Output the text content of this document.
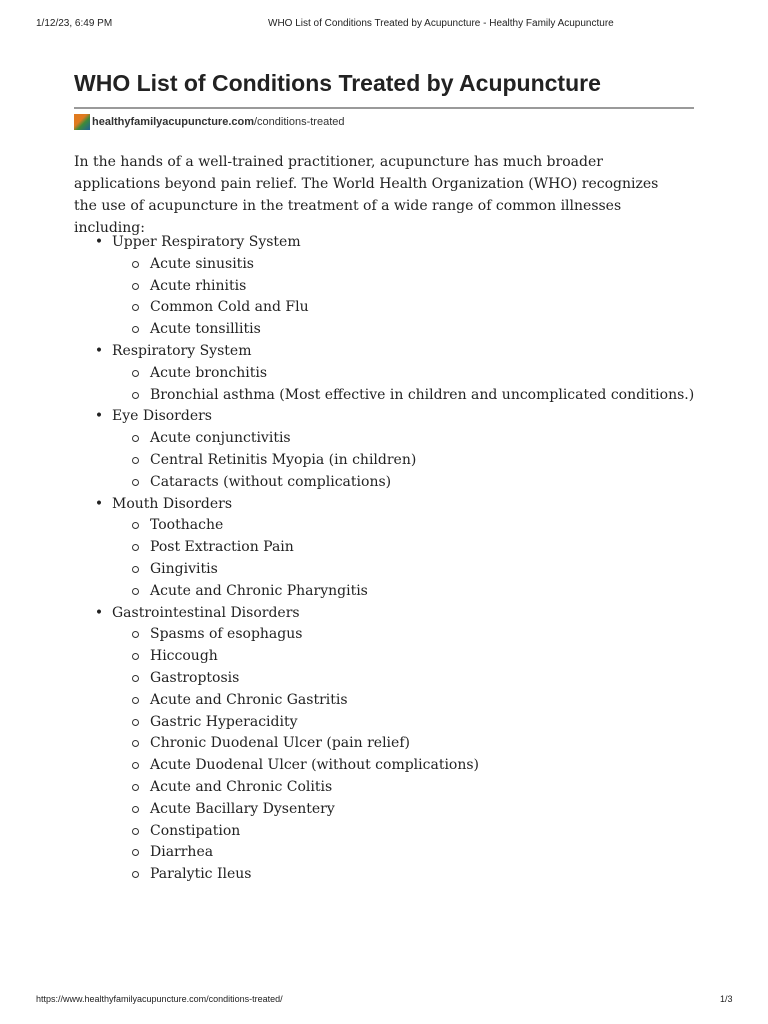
1/12/23, 6:49 PM	WHO List of Conditions Treated by Acupuncture - Healthy Family Acupuncture
WHO List of Conditions Treated by Acupuncture
healthyfamilyacupuncture.com /conditions-treated

In the hands of a well-trained practitioner, acupuncture has much broader applications beyond pain relief. The World Health Organization (WHO) recognizes the use of acupuncture in the treatment of a wide range of common illnesses including:

• Upper Respiratory System
Acute sinusitis
Acute rhinitis
Common Cold and Flu
Acute tonsillitis
• Respiratory System
Acute bronchitis
Bronchial asthma (Most effective in children and uncomplicated conditions.)
• Eye Disorders
Acute conjunctivitis
Central Retinitis Myopia (in children)
Cataracts (without complications)
• Mouth Disorders
Toothache
Post Extraction Pain
Gingivitis
Acute and Chronic Pharyngitis
• Gastrointestinal Disorders
Spasms of esophagus
Hiccough
Gastroptosis
Acute and Chronic Gastritis
Gastric Hyperacidity
Chronic Duodenal Ulcer (pain relief)
Acute Duodenal Ulcer (without complications)
Acute and Chronic Colitis
Acute Bacillary Dysentery
Constipation
Diarrhea
Paralytic Ileus
https://www.healthyfamilyacupuncture.com/conditions-treated/	1/3
